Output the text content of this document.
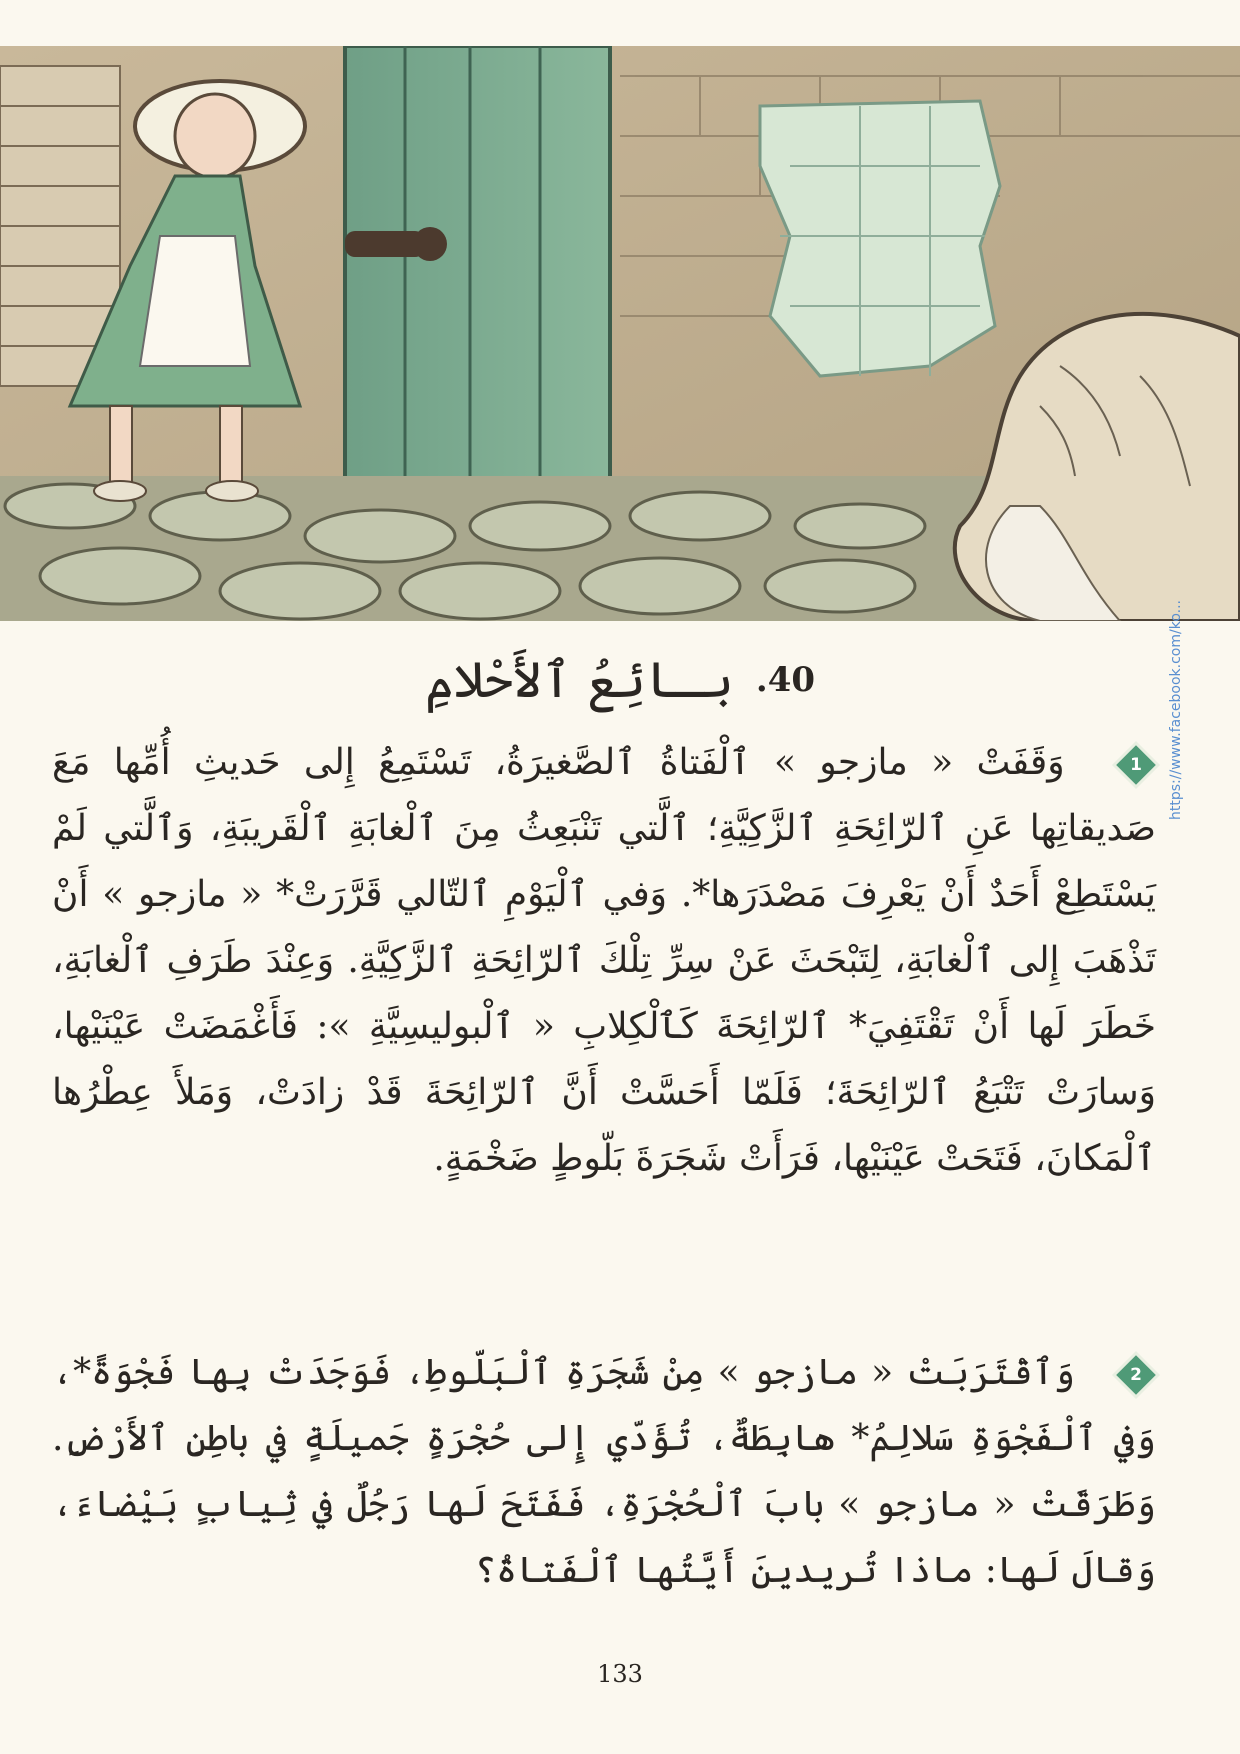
https://www.facebook.com/ko...
40.
بـائِعُ ٱلأَحْلامِ
1
وَقَفَتْ « مازجو » ٱلْفَتاةُ ٱلصَّغيرَةُ، تَسْتَمِعُ إِلى حَديثِ أُمِّها مَعَ صَديقاتِها عَنِ ٱلرّائِحَةِ ٱلزَّكِيَّةِ؛ ٱلَّتي تَنْبَعِثُ مِنَ ٱلْغابَةِ ٱلْقَريبَةِ، وَٱلَّتي لَمْ يَسْتَطِعْ أَحَدٌ أَنْ يَعْرِفَ مَصْدَرَها*. وَفي ٱلْيَوْمِ ٱلتّالي قَرَّرَتْ* « مازجو » أَنْ تَذْهَبَ إِلى ٱلْغابَةِ، لِتَبْحَثَ عَنْ سِرِّ تِلْكَ ٱلرّائِحَةِ ٱلزَّكِيَّةِ. وَعِنْدَ طَرَفِ ٱلْغابَةِ، خَطَرَ لَها أَنْ تَقْتَفِيَ* ٱلرّائِحَةَ كَٱلْكِلابِ « ٱلْبوليسِيَّةِ »: فَأَغْمَضَتْ عَيْنَيْها، وَسارَتْ تَتْبَعُ ٱلرّائِحَةَ؛ فَلَمّا أَحَسَّتْ أَنَّ ٱلرّائِحَةَ قَدْ زادَتْ، وَمَلأَ عِطْرُها ٱلْمَكانَ، فَتَحَتْ عَيْنَيْها، فَرَأَتْ شَجَرَةَ بَلّوطٍ ضَخْمَةٍ.
2
وَٱقْتَرَبَتْ « مازجو » مِنْ شَجَرَةِ ٱلْبَلّوطِ، فَوَجَدَتْ بِها فَجْوَةً*، وَفي ٱلْفَجْوَةِ سَلالِمُ* هابِطَةٌ، تُؤَدّي إِلى حُجْرَةٍ جَميلَةٍ في باطِنِ ٱلأَرْضِ. وَطَرَقَتْ « مازجو » بابَ ٱلْحُجْرَةِ، فَفَتَحَ لَها رَجُلٌ في ثِيابٍ بَيْضاءَ، وَقالَ لَها: ماذا تُريدينَ أَيَّتُها ٱلْفَتاةُ؟
133
